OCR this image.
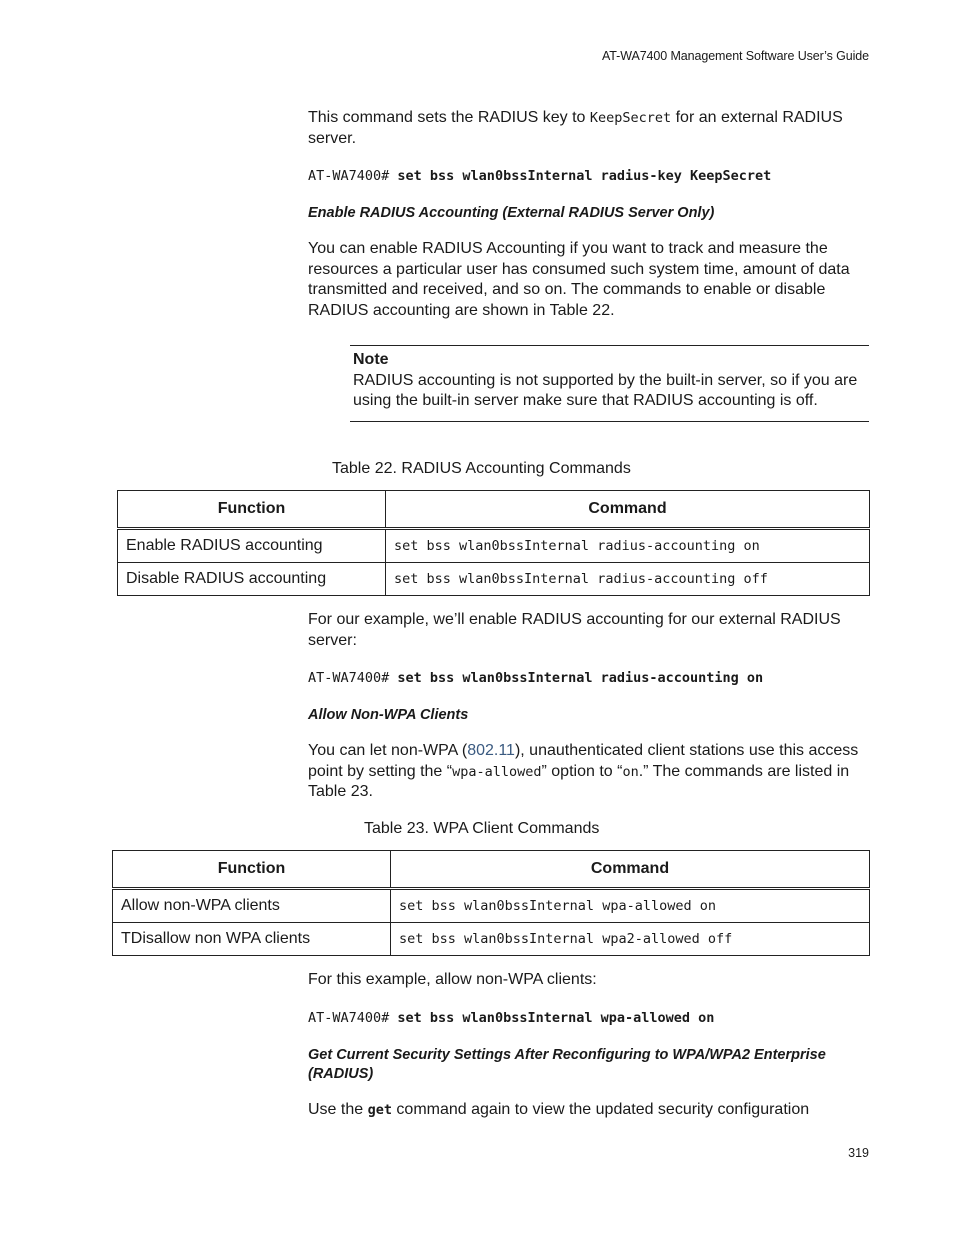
AT-WA7400 Management Software User’s Guide
This command sets the RADIUS key to KeepSecret for an external RADIUS server.
AT-WA7400# set bss wlan0bssInternal radius-key KeepSecret
Enable RADIUS Accounting (External RADIUS Server Only)
You can enable RADIUS Accounting if you want to track and measure the resources a particular user has consumed such system time, amount of data transmitted and received, and so on. The commands to enable or disable RADIUS accounting are shown in Table 22.
Note
RADIUS accounting is not supported by the built-in server, so if you are using the built-in server make sure that RADIUS accounting is off.
Table 22. RADIUS Accounting Commands
Function	Command
Enable RADIUS accounting	set bss wlan0bssInternal radius-accounting on
Disable RADIUS accounting	set bss wlan0bssInternal radius-accounting off
For our example, we’ll enable RADIUS accounting for our external RADIUS server:
AT-WA7400# set bss wlan0bssInternal radius-accounting on
Allow Non-WPA Clients
You can let non-WPA (802.11), unauthenticated client stations use this access point by setting the “wpa-allowed” option to “on.” The commands are listed in Table 23.
Table 23. WPA Client Commands
Function	Command
Allow non-WPA clients	set bss wlan0bssInternal wpa-allowed on
TDisallow non WPA clients	set bss wlan0bssInternal wpa2-allowed off
For this example, allow non-WPA clients:
AT-WA7400# set bss wlan0bssInternal wpa-allowed on
Get Current Security Settings After Reconfiguring to WPA/WPA2 Enterprise (RADIUS)
Use the get command again to view the updated security configuration
319
